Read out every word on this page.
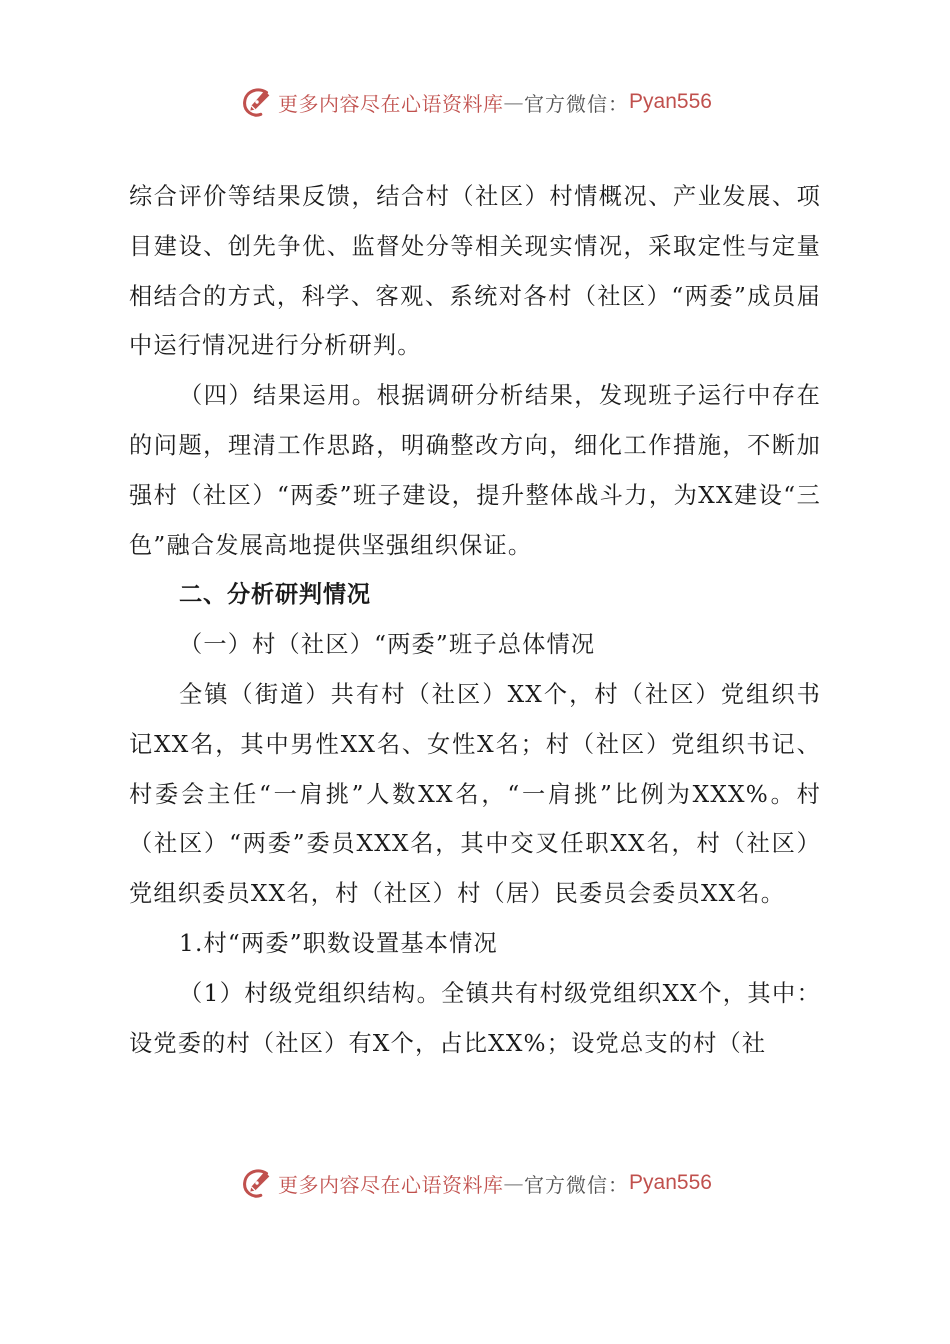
更多内容尽在心语资料库 — 官方微信： Pyan556

综合评价等结果反馈，结合村（社区）村情概况、产业发展、项目建设、创先争优、监督处分等相关现实情况，采取定性与定量相结合的方式，科学、客观、系统对各村（社区）“两委”成员届中运行情况进行分析研判。

（四）结果运用。根据调研分析结果，发现班子运行中存在的问题，理清工作思路，明确整改方向，细化工作措施，不断加强村（社区）“两委”班子建设，提升整体战斗力，为XX建设“三色”融合发展高地提供坚强组织保证。

二、分析研判情况

（一）村（社区）“两委”班子总体情况

全镇（街道）共有村（社区）XX个，村（社区）党组织书记XX名，其中男性XX名、女性X名；村（社区）党组织书记、村委会主任“一肩挑”人数XX名，“一肩挑”比例为XXX%。村（社区）“两委”委员XXX名，其中交叉任职XX名，村（社区）党组织委员XX名，村（社区）村（居）民委员会委员XX名。

1.村“两委”职数设置基本情况

（1）村级党组织结构。全镇共有村级党组织XX个，其中：设党委的村（社区）有X个，占比XX%；设党总支的村（社

更多内容尽在心语资料库 — 官方微信： Pyan556
